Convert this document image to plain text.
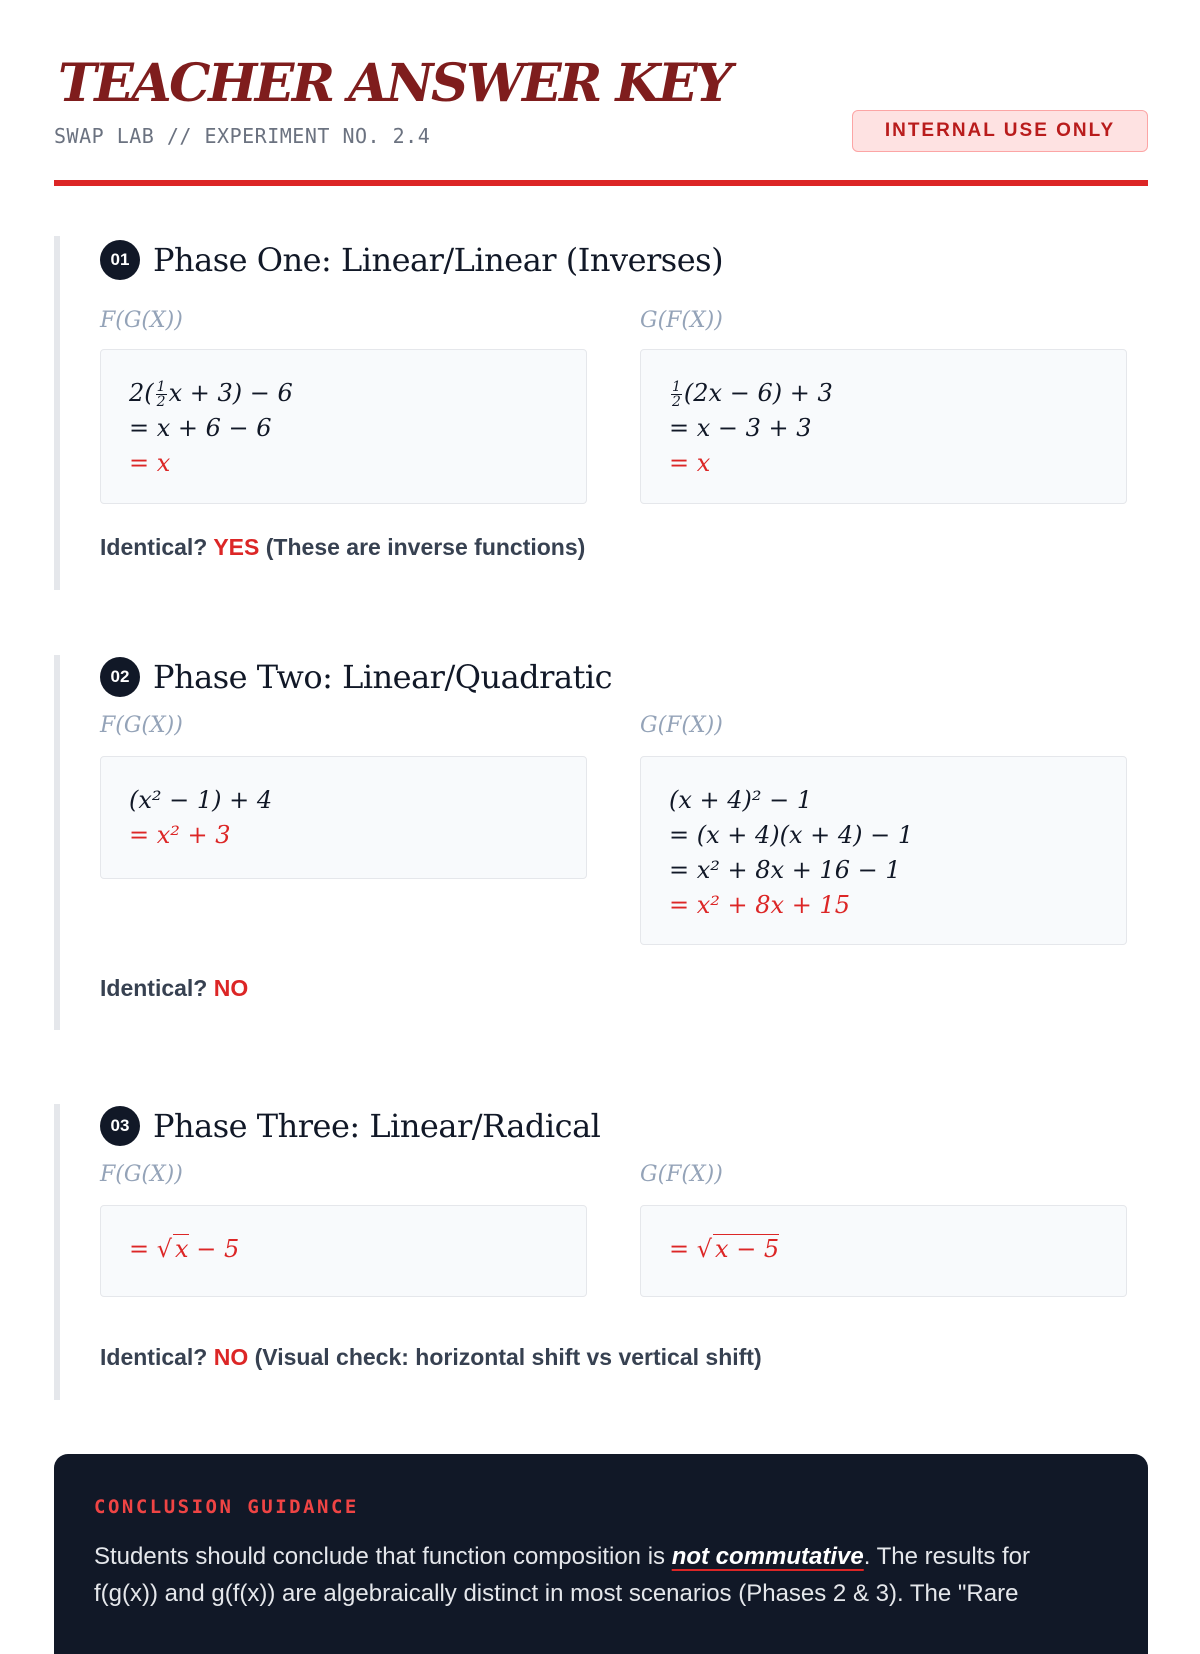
TEACHER ANSWER KEY
SWAP LAB // EXPERIMENT NO. 2.4	INTERNAL USE ONLY
01 Phase One: Linear/Linear (Inverses)
F(G(X))	G(F(X))
$2( \frac{1}{2}$ x + 3) − 6
= x + 6 − 6
= x
$\frac{1}{2} (2x - 6) + 3$
= x − 3 + 3
= x
Identical? YES (These are inverse functions)
02 Phase Two: Linear/Quadratic
F(G(X))	G(F(X))
(x² − 1) + 4
= x² + 3
(x + 4)² − 1
= (x + 4)(x + 4) − 1
= x² + 8x + 16 − 1
= x² + 8x + 15
Identical? NO
03 Phase Three: Linear/Radical
F(G(X))	G(F(X))
= √ x − 5	= √ x − 5
Identical? NO (Visual check: horizontal shift vs vertical shift)
CONCLUSION GUIDANCE
Students should conclude that function composition is not commutative. The results for
f(g(x)) and g(f(x)) are algebraically distinct in most scenarios (Phases 2 & 3). The "Rare
